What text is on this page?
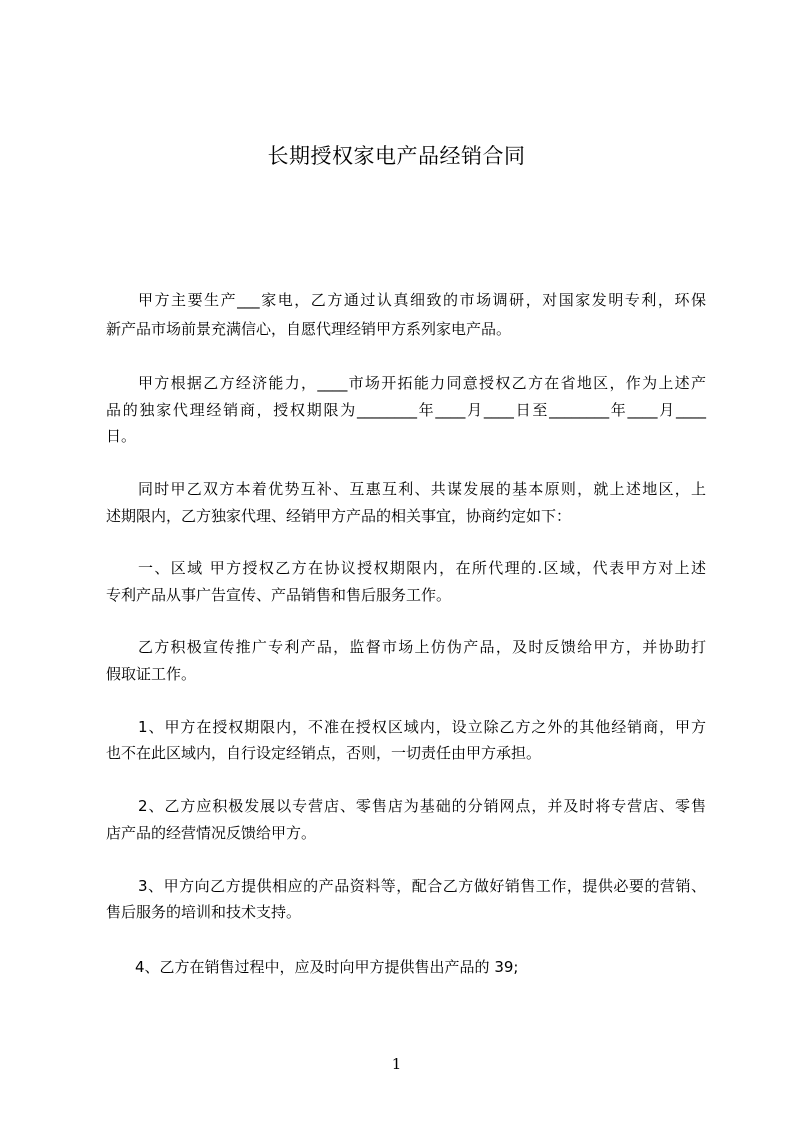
长期授权家电产品经销合同
甲方主要生产___家电，乙方通过认真细致的市场调研，对国家发明专利，环保
新产品市场前景充满信心，自愿代理经销甲方系列家电产品。
甲方根据乙方经济能力，____市场开拓能力同意授权乙方在省地区，作为上述产
品的独家代理经销商，授权期限为________年____月____日至________年____月____
日。
同时甲乙双方本着优势互补、互惠互利、共谋发展的基本原则，就上述地区，上
述期限内，乙方独家代理、经销甲方产品的相关事宜，协商约定如下：
一、区域 甲方授权乙方在协议授权期限内，在所代理的.区域，代表甲方对上述
专利产品从事广告宣传、产品销售和售后服务工作。
乙方积极宣传推广专利产品，监督市场上仿伪产品，及时反馈给甲方，并协助打
假取证工作。
1、甲方在授权期限内，不准在授权区域内，设立除乙方之外的其他经销商，甲方
也不在此区域内，自行设定经销点，否则，一切责任由甲方承担。
2、乙方应积极发展以专营店、零售店为基础的分销网点，并及时将专营店、零售
店产品的经营情况反馈给甲方。
3、甲方向乙方提供相应的产品资料等，配合乙方做好销售工作，提供必要的营销、
售后服务的培训和技术支持。
4、乙方在销售过程中，应及时向甲方提供售出产品的 39;
1
